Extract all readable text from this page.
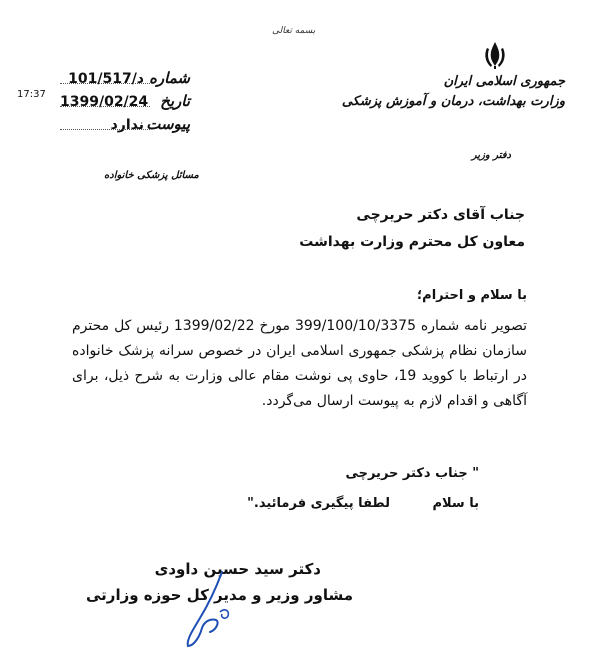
بسمه تعالی
جمهوری اسلامی ایران
وزارت بهداشت، درمان و آموزش پزشکی
دفتر وزیر
شماره
د/101/517
تاریخ
1399/02/24
پیوست
ندارد
17:37
مسائل پزشکی خانواده
جناب آقای دکتر حریرچی
معاون کل محترم وزارت بهداشت
با سلام و احترام؛
تصویر نامه شماره 399/100/10/3375 مورخ 1399/02/22 رئیس کل محترم سازمان نظام پزشکی جمهوری اسلامی ایران در خصوص سرانه پزشک خانواده در ارتباط با کووید 19، حاوی پی نوشت مقام عالی وزارت به شرح ذیل، برای آگاهی و اقدام لازم به پیوست ارسال می‌گردد.
" جناب دکتر حریرچی
با سلام لطفا پیگیری فرمائید."
دکتر سید حسین داودی
مشاور وزیر و مدیر کل حوزه وزارتی
